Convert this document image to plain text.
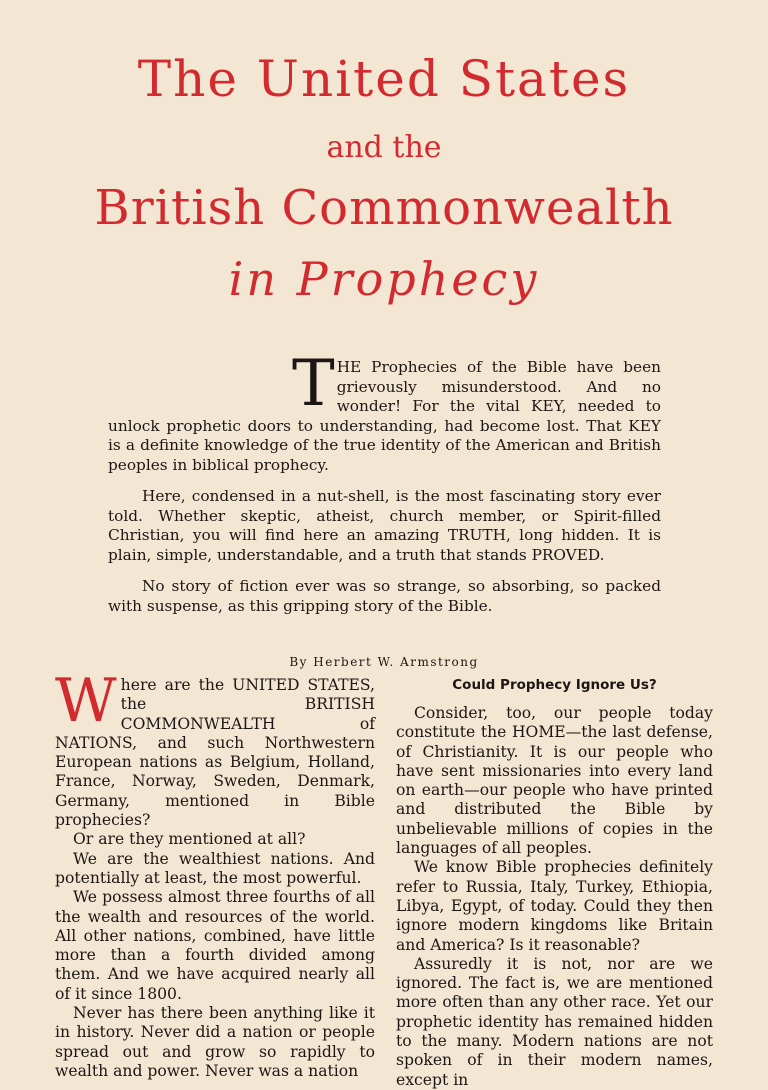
The United States
and the
British Commonwealth
in Prophecy

THE Prophecies of the Bible have been grievously misunderstood. And no wonder! For the vital KEY, needed to unlock prophetic doors to understanding, had become lost. That KEY is a definite knowledge of the true identity of the American and British peoples in biblical prophecy.

Here, condensed in a nut-shell, is the most fascinating story ever told. Whether skeptic, atheist, church member, or Spirit-filled Christian, you will find here an amazing TRUTH, long hidden. It is plain, simple, understandable, and a truth that stands PROVED.

No story of fiction ever was so strange, so absorbing, so packed with suspense, as this gripping story of the Bible.

By Herbert W. Armstrong

Where are the UNITED STATES, the BRITISH COMMONWEALTH of NATIONS, and such Northwestern European nations as Belgium, Holland, France, Norway, Sweden, Denmark, Germany, mentioned in Bible prophecies?

Or are they mentioned at all?

We are the wealthiest nations. And potentially at least, the most powerful.

We possess almost three fourths of all the wealth and resources of the world. All other nations, combined, have little more than a fourth divided among them. And we have acquired nearly all of it since 1800.

Never has there been anything like it in history. Never did a nation or people spread out and grow so rapidly to wealth and power. Never was a nation

Could Prophecy Ignore Us?

Consider, too, our people today constitute the HOME—the last defense, of Christianity. It is our people who have sent missionaries into every land on earth—our people who have printed and distributed the Bible by unbelievable millions of copies in the languages of all peoples.

We know Bible prophecies definitely refer to Russia, Italy, Turkey, Ethiopia, Libya, Egypt, of today. Could they then ignore modern kingdoms like Britain and America? Is it reasonable?

Assuredly it is not, nor are we ignored. The fact is, we are mentioned more often than any other race. Yet our prophetic identity has remained hidden to the many. Modern nations are not spoken of in their modern names, except in
